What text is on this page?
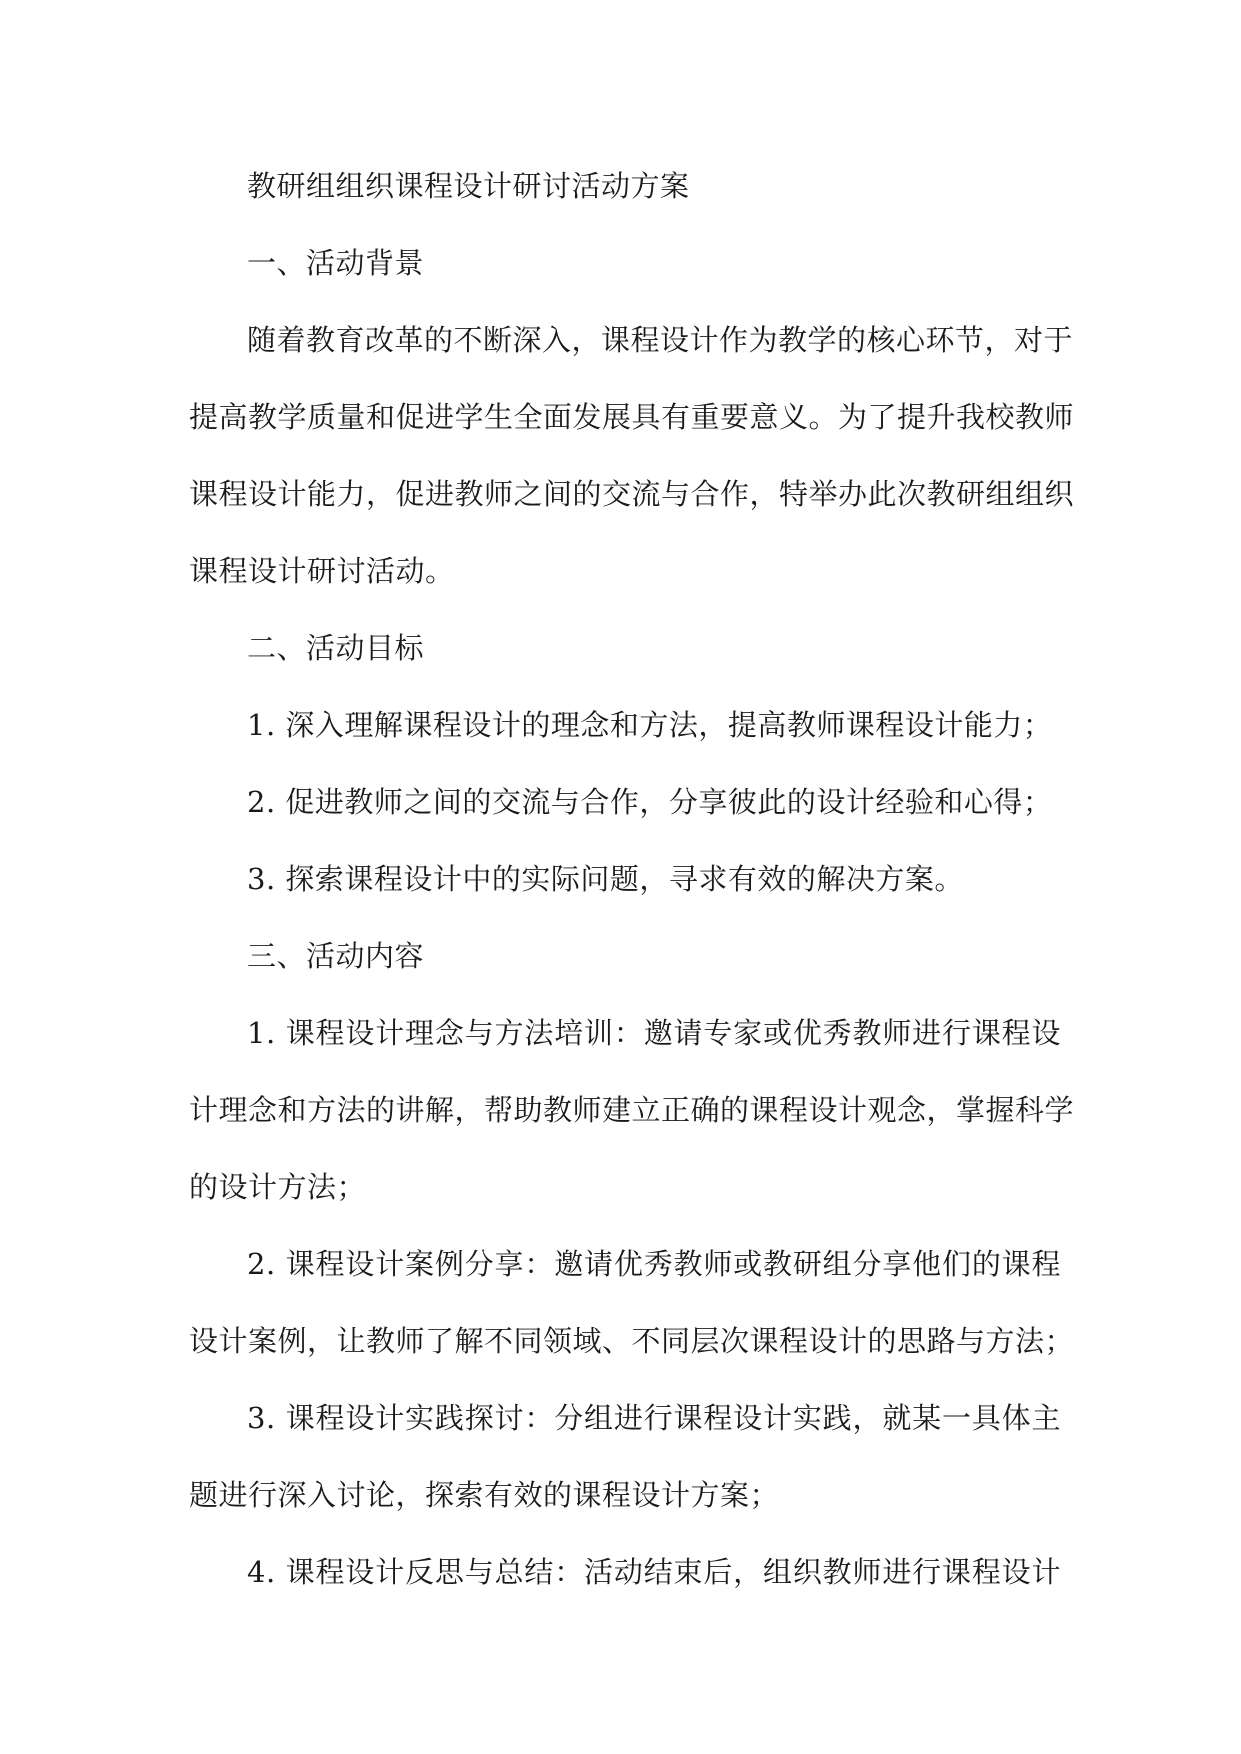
教研组组织课程设计研讨活动方案
一、活动背景
随着教育改革的不断深入，课程设计作为教学的核心环节，对于
提高教学质量和促进学生全面发展具有重要意义。为了提升我校教师
课程设计能力，促进教师之间的交流与合作，特举办此次教研组组织
课程设计研讨活动。
二、活动目标
1. 深入理解课程设计的理念和方法，提高教师课程设计能力；
2. 促进教师之间的交流与合作，分享彼此的设计经验和心得；
3. 探索课程设计中的实际问题，寻求有效的解决方案。
三、活动内容
1. 课程设计理念与方法培训：邀请专家或优秀教师进行课程设
计理念和方法的讲解，帮助教师建立正确的课程设计观念，掌握科学
的设计方法；
2. 课程设计案例分享：邀请优秀教师或教研组分享他们的课程
设计案例，让教师了解不同领域、不同层次课程设计的思路与方法；
3. 课程设计实践探讨：分组进行课程设计实践，就某一具体主
题进行深入讨论，探索有效的课程设计方案；
4. 课程设计反思与总结：活动结束后，组织教师进行课程设计
